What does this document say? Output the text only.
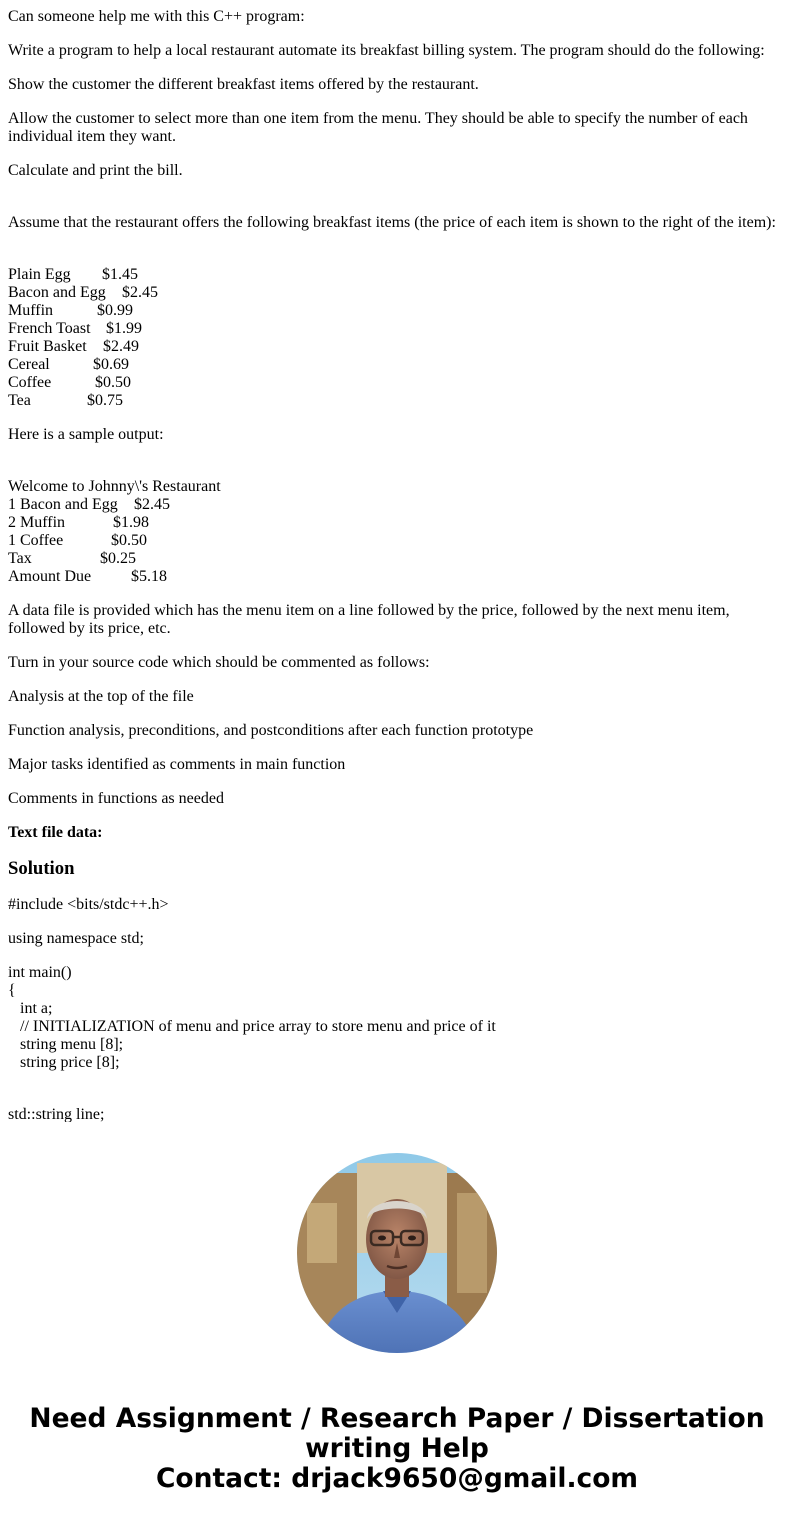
Can someone help me with this C++ program:

Write a program to help a local restaurant automate its breakfast billing system. The program should do the following:

Show the customer the different breakfast items offered by the restaurant.

Allow the customer to select more than one item from the menu. They should be able to specify the number of each individual item they want.

Calculate and print the bill.

Assume that the restaurant offers the following breakfast items (the price of each item is shown to the right of the item):

Plain Egg $1.45
Bacon and Egg $2.45
Muffin	$0.99
French Toast $1.99
Fruit Basket $2.49
Cereal	$0.69
Coffee	$0.50
Tea	$0.75

Here is a sample output:

Welcome to Johnny\'s Restaurant
1 Bacon and Egg $2.45
2 Muffin	$1.98
1 Coffee	$0.50
Tax	$0.25
Amount Due $5.18

A data file is provided which has the menu item on a line followed by the price, followed by the next menu item, followed by its price, etc.

Turn in your source code which should be commented as follows:

Analysis at the top of the file

Function analysis, preconditions, and postconditions after each function prototype

Major tasks identified as comments in main function

Comments in functions as needed

Text file data:

Solution

#include <bits/stdc++.h>

using namespace std;

int main()
{
int a;
// INITIALIZATION of menu and price array to store menu and price of it
string menu [8];
string price [8];
std::string line;
Need Assignment / Research Paper / Dissertation
writing Help
Contact: drjack9650@gmail.com
